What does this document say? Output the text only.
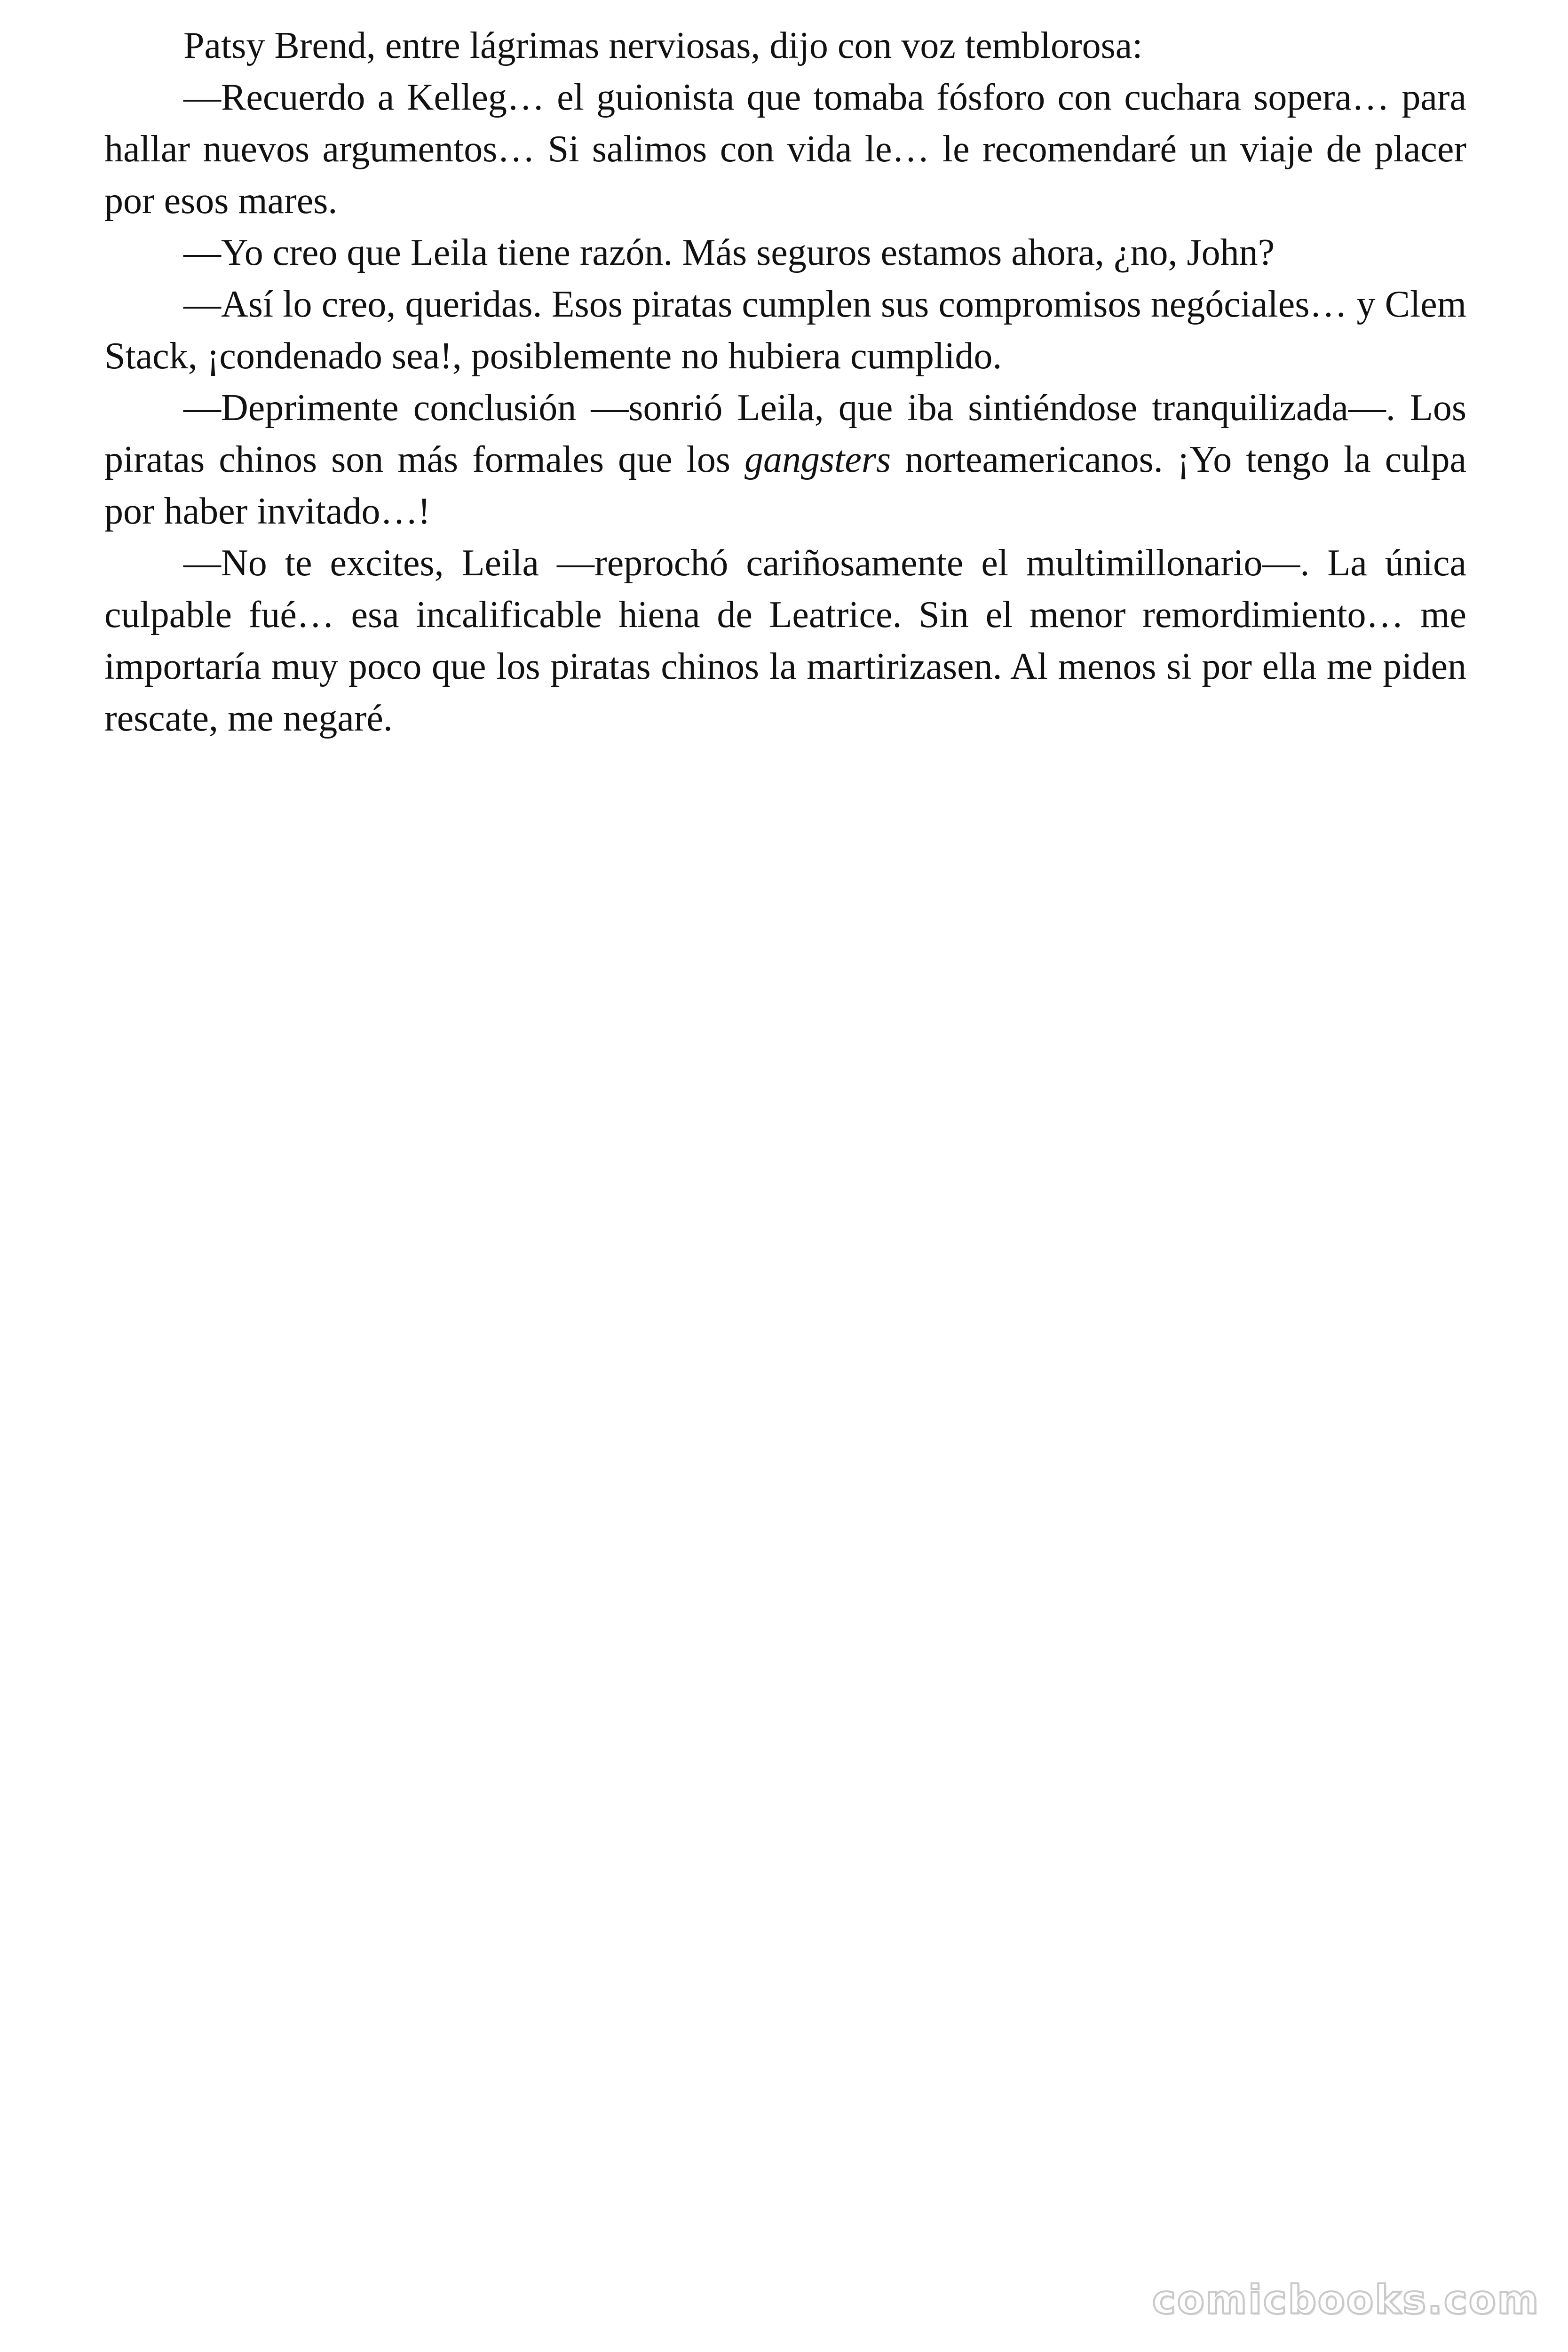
Patsy Brend, entre lágrimas nerviosas, dijo con voz temblorosa:

—Recuerdo a Kelleg… el guionista que tomaba fósforo con cuchara sopera… para hallar nuevos argumentos… Si salimos con vida le… le recomendaré un viaje de placer por esos mares.

—Yo creo que Leila tiene razón. Más seguros estamos ahora, ¿no, John?

—Así lo creo, queridas. Esos piratas cumplen sus compromisos negóciales… y Clem Stack, ¡condenado sea!, posiblemente no hubiera cumplido.

—Deprimente conclusión —sonrió Leila, que iba sintiéndose tranquilizada—. Los piratas chinos son más formales que los gangsters norteamericanos. ¡Yo tengo la culpa por haber invitado…!

—No te excites, Leila —reprochó cariñosamente el multimillonario—. La única culpable fué… esa incalificable hiena de Leatrice. Sin el menor remordimiento… me importaría muy poco que los piratas chinos la martirizasen. Al menos si por ella me piden rescate, me negaré.

comicbooks.com
